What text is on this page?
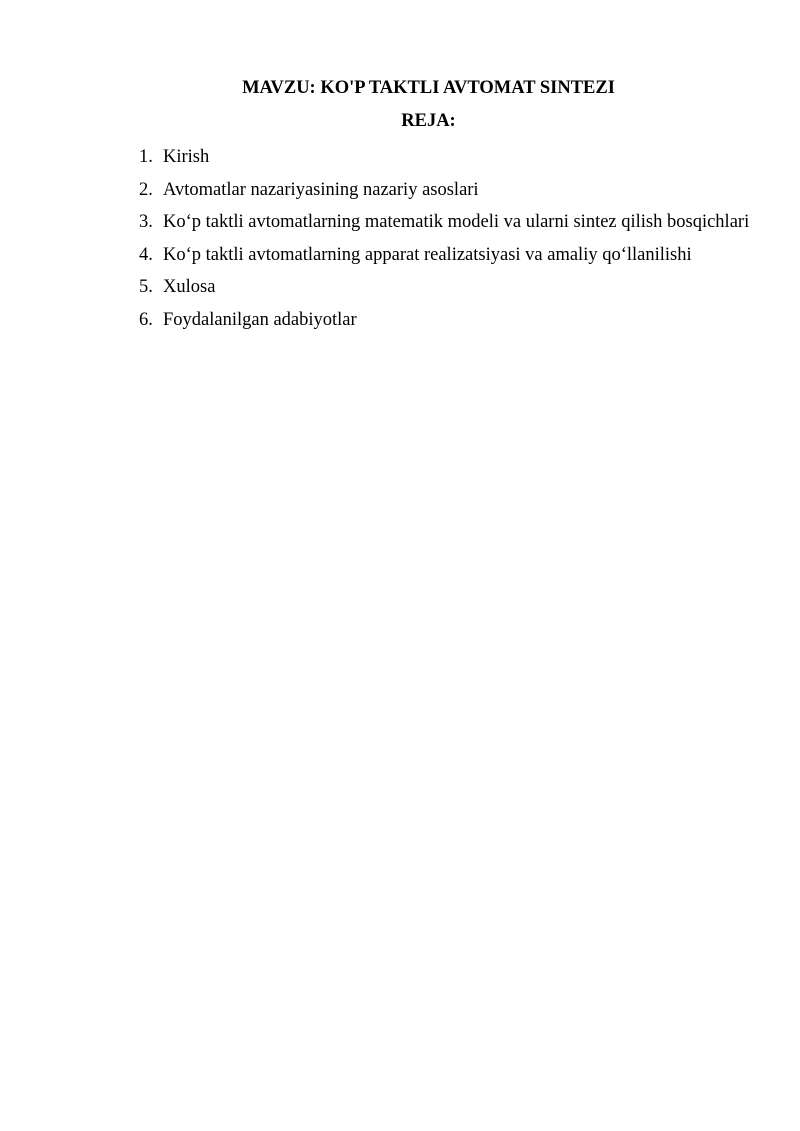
MAVZU: KO'P TAKTLI AVTOMAT SINTEZI
REJA:
1. Kirish
2. Avtomatlar nazariyasining nazariy asoslari
3. Ko‘p taktli avtomatlarning matematik modeli va ularni sintez qilish bosqichlari
4. Ko‘p taktli avtomatlarning apparat realizatsiyasi va amaliy qo‘llanilishi
5. Xulosa
6. Foydalanilgan adabiyotlar
